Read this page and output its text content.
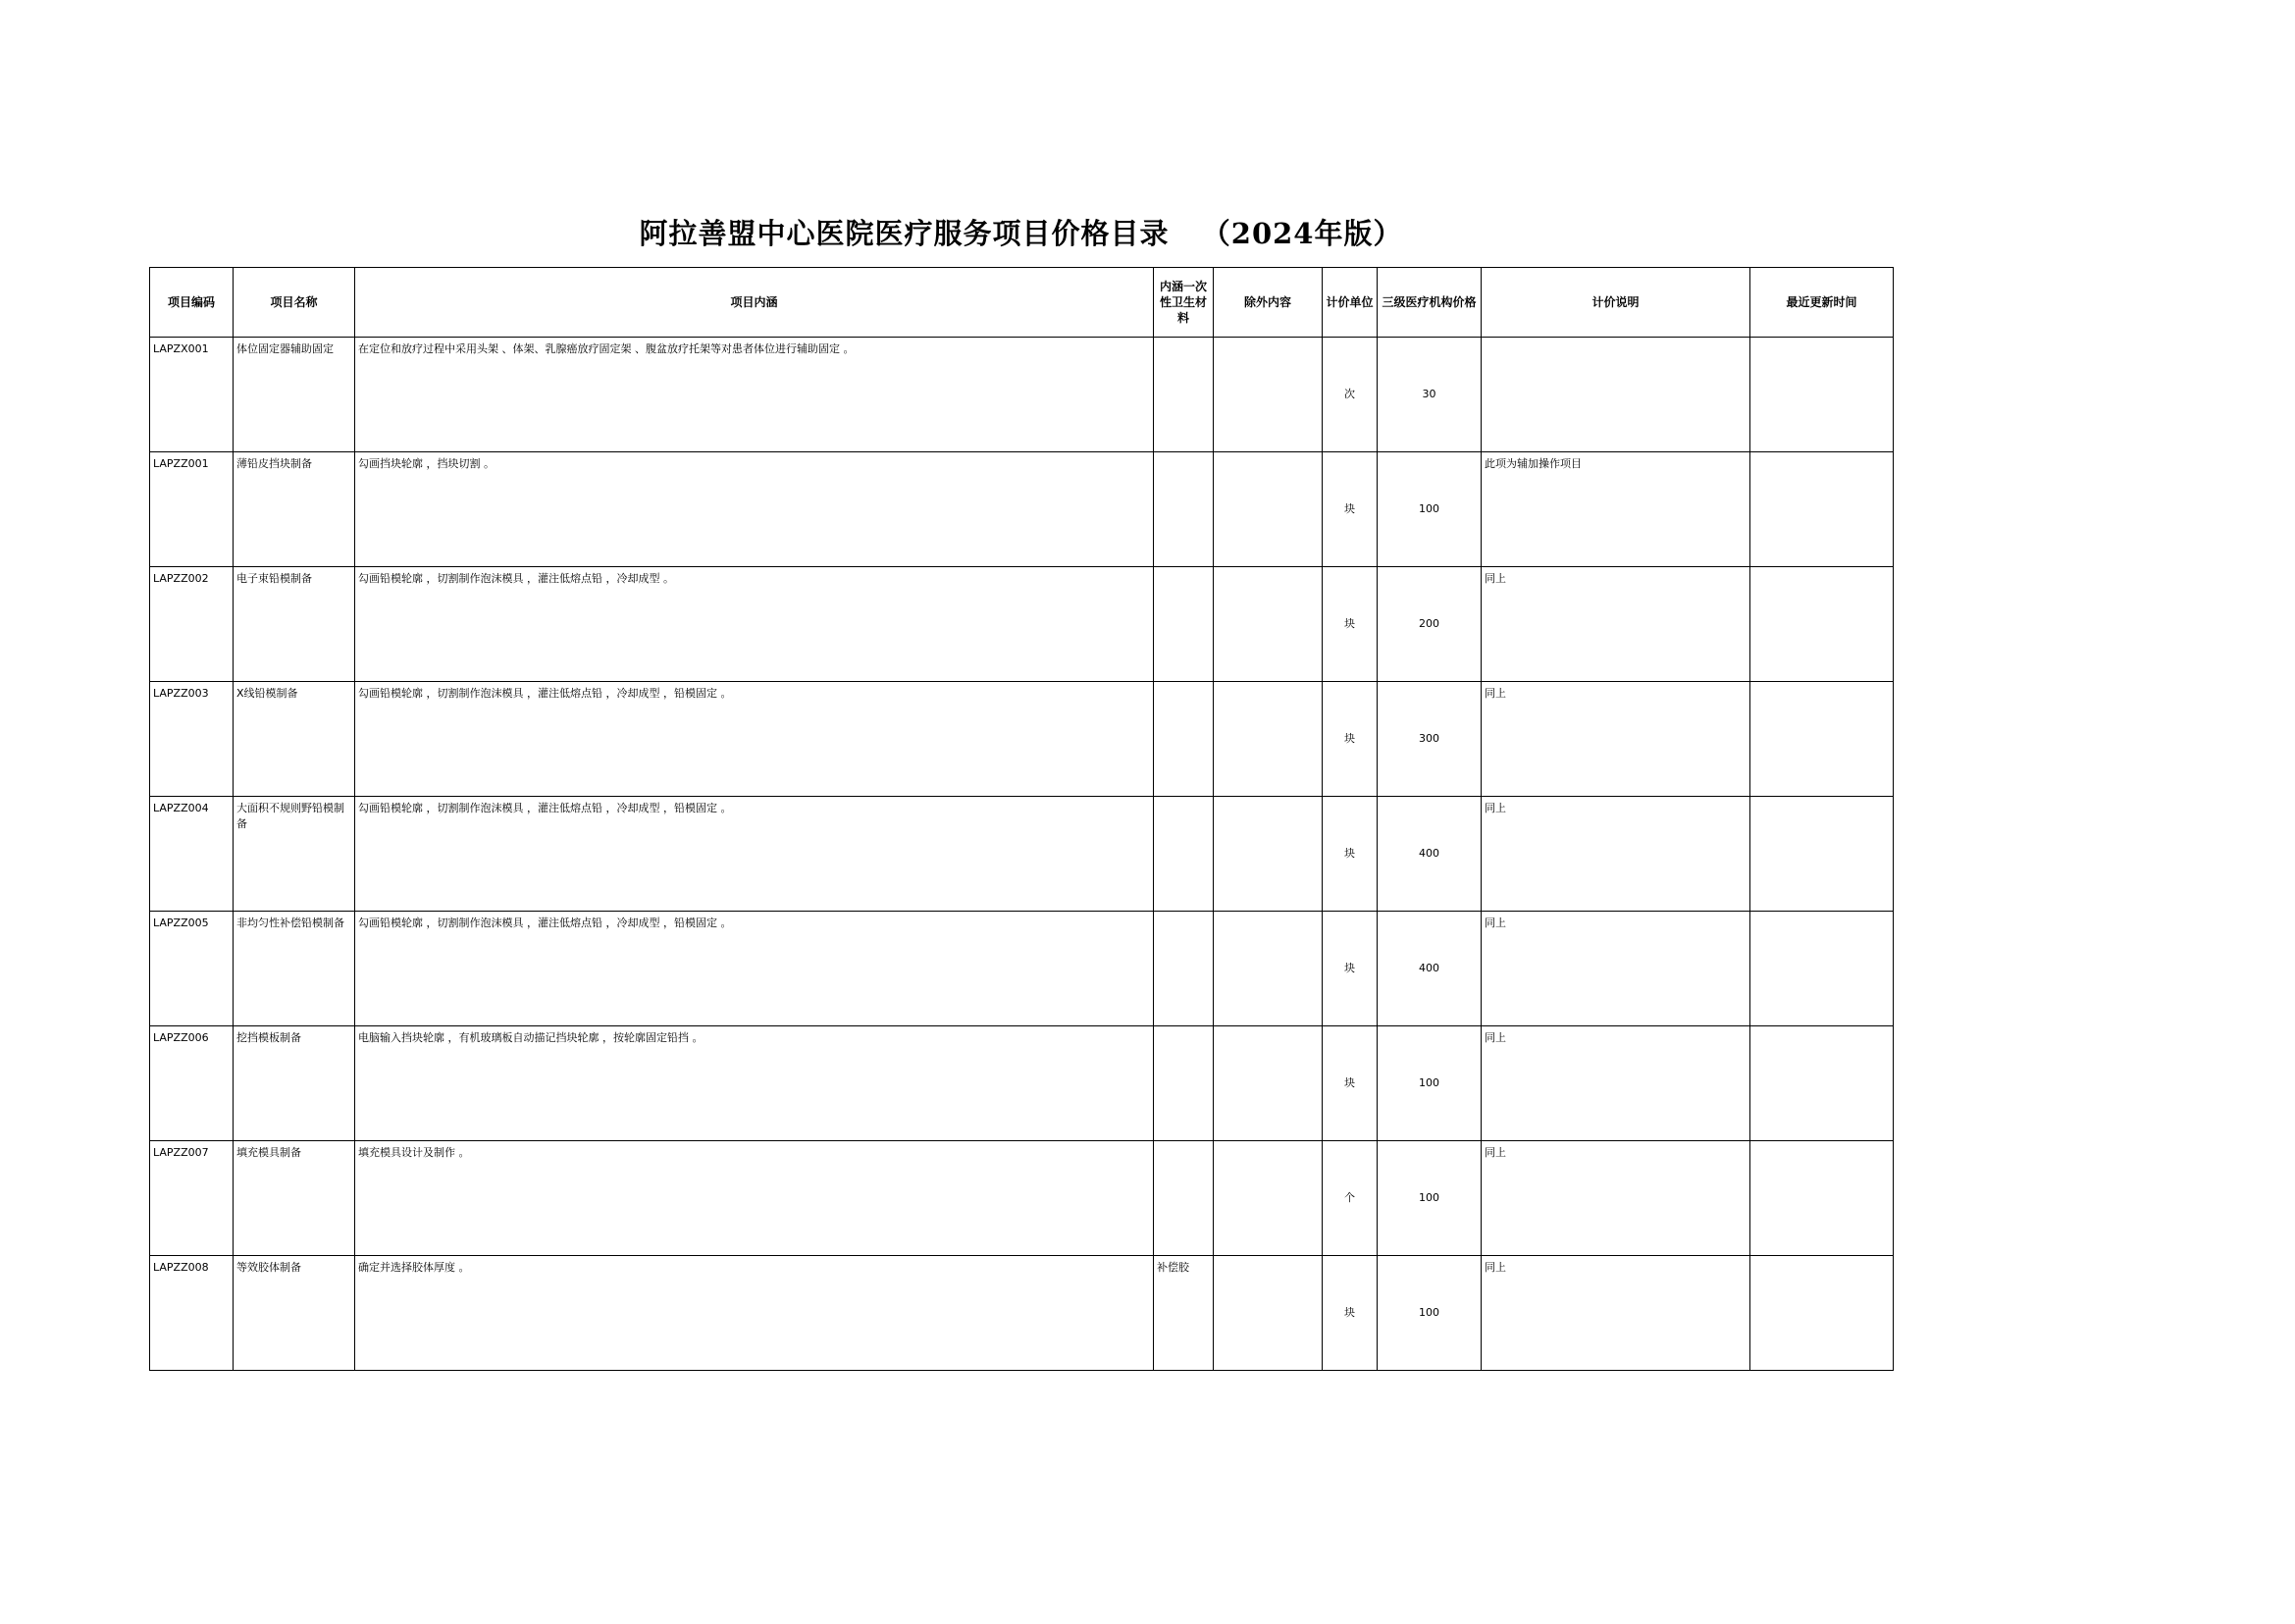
阿拉善盟中心医院医疗服务项目价格目录   （2024年版）
项目编码	项目名称	项目内涵	内涵一次性卫生材料	除外内容	计价单位	三级医疗机构价格	计价说明	最近更新时间
LAPZX001	体位固定器辅助固定	在定位和放疗过程中采用头架 、体架、乳腺癌放疗固定架 、腹盆放疗托架等对患者体位进行辅助固定 。			次	30		
LAPZZ001	薄铅皮挡块制备	勾画挡块轮廓 ，挡块切割 。			块	100	此项为辅加操作项目	
LAPZZ002	电子束铅模制备	勾画铅模轮廓 ，切割制作泡沫模具 ，灌注低熔点铅 ，冷却成型 。			块	200	同上	
LAPZZ003	X线铅模制备	勾画铅模轮廓 ，切割制作泡沫模具 ，灌注低熔点铅 ，冷却成型 ，铅模固定 。			块	300	同上	
LAPZZ004	大面积不规则野铅模制备	勾画铅模轮廓 ，切割制作泡沫模具 ，灌注低熔点铅 ，冷却成型 ，铅模固定 。			块	400	同上	
LAPZZ005	非均匀性补偿铅模制备	勾画铅模轮廓 ，切割制作泡沫模具 ，灌注低熔点铅 ，冷却成型 ，铅模固定 。			块	400	同上	
LAPZZ006	挖挡模板制备	电脑输入挡块轮廓 ，有机玻璃板自动描记挡块轮廓 ，按轮廓固定铅挡 。			块	100	同上	
LAPZZ007	填充模具制备	填充模具设计及制作 。			个	100	同上	
LAPZZ008	等效胶体制备	确定并选择胶体厚度 。	补偿胶		块	100	同上	
